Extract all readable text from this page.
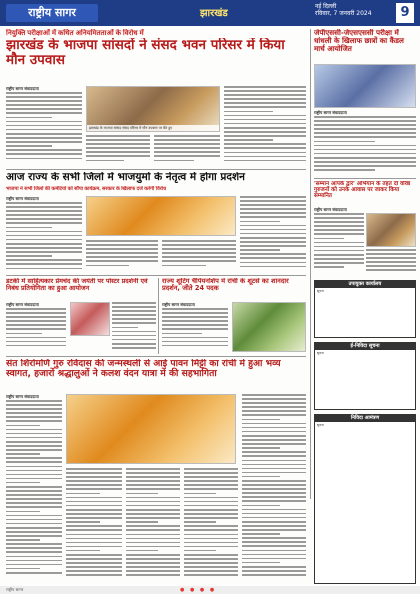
राष्ट्रीय सागर	झारखंड
नई दिल्ली
रविवार, 7 जनवरी 2024	9
नियुक्ति परीक्षाओं में कथित अनियमितताओं के विरोध में
झारखंड के भाजपा सांसदों ने संसद भवन परिसर में किया मौन उपवास
राष्ट्रीय सागर संवाददाता
झारखंड के भाजपा सांसद संसद परिसर में मौन उपवास पर बैठे हुए
जेपीएससी-जेएसएससी परीक्षा में धांधली के खिलाफ छात्रों का कैंडल मार्च आयोजित
राष्ट्रीय सागर संवाददाता
आज राज्य के सभी जिलों में भाजयुमो के नेतृत्व में होगा प्रदर्शन
भाजपा ने सभी जिलों की कमेटियों को सौंपा कार्यक्रम, सरकार के खिलाफ दर्ज करेगी विरोध
राष्ट्रीय सागर संवाददाता
'सम्मान आपके द्वार' अभियान के तहत दो वरिष्ठ गुरुजनों को उनके आवास पर जाकर किया सम्मानित
राष्ट्रीय सागर संवाददाता
डटकी में साहित्यकार प्रेमचंद की जयंती पर पोस्टर प्रदर्शनी एवं निबंध प्रतियोगिता का हुआ आयोजन
राष्ट्रीय सागर संवाददाता
राज्य शूटिंग चैंपियनशिप में रांची के शूटर्स का शानदार प्रदर्शन, जीते 24 पदक
राष्ट्रीय सागर संवाददाता
उपायुक्त कार्यालय
सूचना
ई-निविदा सूचना
सूचना
निविदा आमंत्रण
सूचना
संत शिरोमणि गुरु रविदास की जन्मस्थली से आई पावन मिट्टी का रांची में हुआ भव्य स्वागत, हजारों श्रद्धालुओं ने कलश वंदन यात्रा में की सहभागिता
राष्ट्रीय सागर संवाददाता
राष्ट्रीय सागर	● ● ● ●
